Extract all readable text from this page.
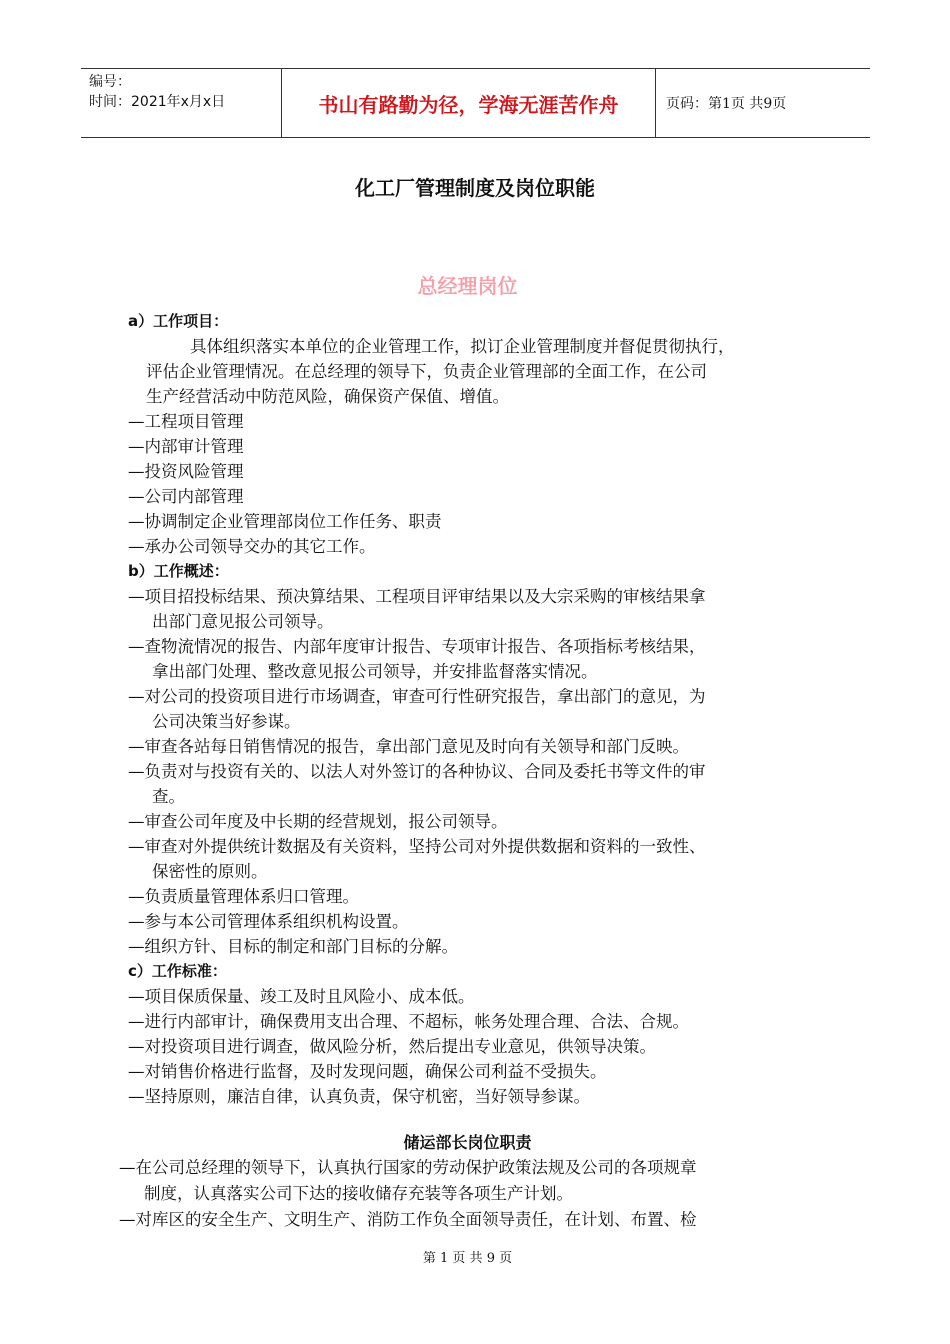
编号：
时间：2021年x月x日	书山有路勤为径，学海无涯苦作舟	页码：第1页 共9页
化工厂管理制度及岗位职能
总经理岗位
a）工作项目：
具体组织落实本单位的企业管理工作，拟订企业管理制度并督促贯彻执行，
评估企业管理情况。在总经理的领导下，负责企业管理部的全面工作，在公司
生产经营活动中防范风险，确保资产保值、增值。
—工程项目管理
—内部审计管理
—投资风险管理
—公司内部管理
—协调制定企业管理部岗位工作任务、职责
—承办公司领导交办的其它工作。
b）工作概述：
—项目招投标结果、预决算结果、工程项目评审结果以及大宗采购的审核结果拿
出部门意见报公司领导。
—查物流情况的报告、内部年度审计报告、专项审计报告、各项指标考核结果，
拿出部门处理、整改意见报公司领导，并安排监督落实情况。
—对公司的投资项目进行市场调查，审查可行性研究报告，拿出部门的意见，为
公司决策当好参谋。
—审查各站每日销售情况的报告，拿出部门意见及时向有关领导和部门反映。
—负责对与投资有关的、以法人对外签订的各种协议、合同及委托书等文件的审
查。
—审查公司年度及中长期的经营规划，报公司领导。
—审查对外提供统计数据及有关资料，坚持公司对外提供数据和资料的一致性、
保密性的原则。
—负责质量管理体系归口管理。
—参与本公司管理体系组织机构设置。
—组织方针、目标的制定和部门目标的分解。
c）工作标准：
—项目保质保量、竣工及时且风险小、成本低。
—进行内部审计，确保费用支出合理、不超标，帐务处理合理、合法、合规。
—对投资项目进行调查，做风险分析，然后提出专业意见，供领导决策。
—对销售价格进行监督，及时发现问题，确保公司利益不受损失。
—坚持原则，廉洁自律，认真负责，保守机密，当好领导参谋。
储运部长岗位职责
—在公司总经理的领导下，认真执行国家的劳动保护政策法规及公司的各项规章
制度，认真落实公司下达的接收储存充装等各项生产计划。
—对库区的安全生产、文明生产、消防工作负全面领导责任，在计划、布置、检
第 1 页 共 9 页
